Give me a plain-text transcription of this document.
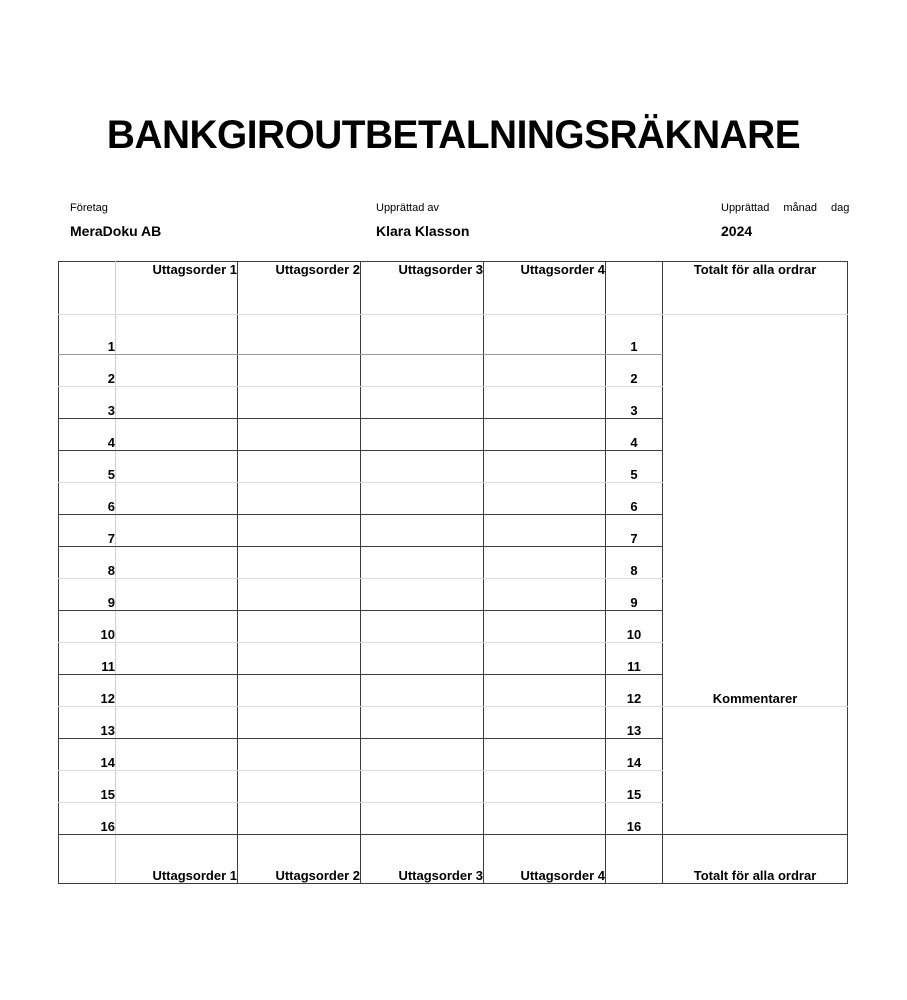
BANKGIROUTBETALNINGSRÄKNARE
Företag
MeraDoku AB
Upprättad av
Klara Klasson
Upprättad månad dag
2024
	Uttagsorder 1	Uttagsorder 2	Uttagsorder 3	Uttagsorder 4		Totalt för alla ordrar
1					1	Kommentarer
2					2	
3					3	
4					4	
5					5	
6					6	
7					7	
8					8	
9					9	
10					10	
11					11	
12					12	
13					13	
14					14	
15					15	
16					16	
	Uttagsorder 1	Uttagsorder 2	Uttagsorder 3	Uttagsorder 4		Totalt för alla ordrar
